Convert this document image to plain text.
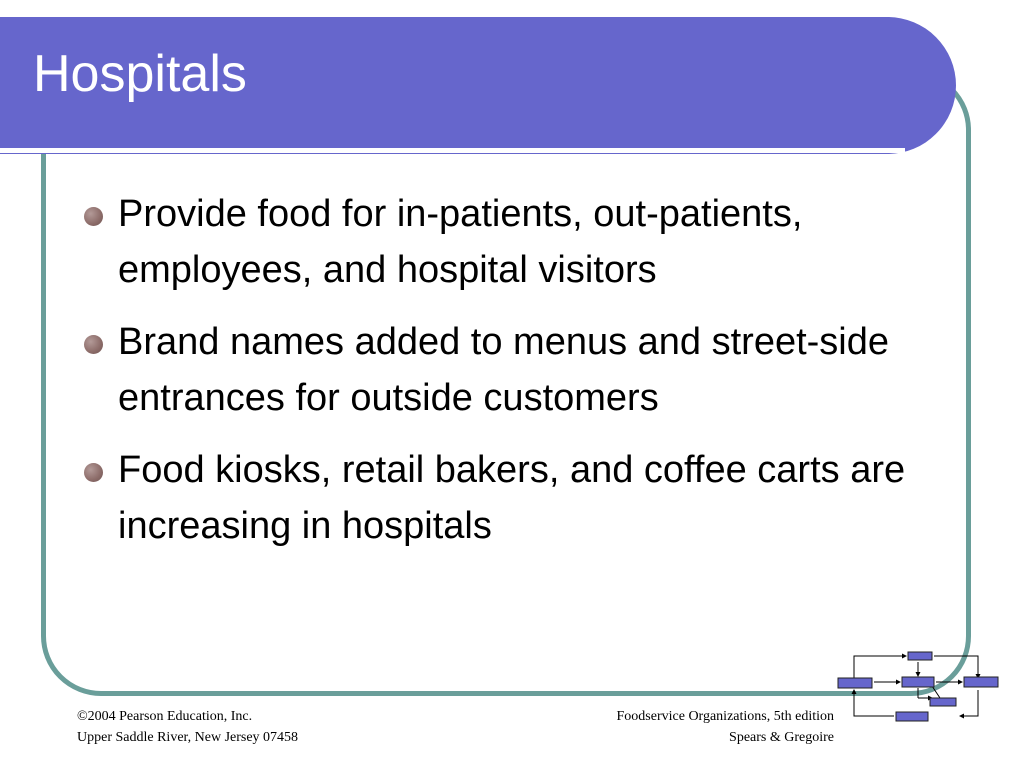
Hospitals
Provide food for in-patients, out-patients, employees, and hospital visitors
Brand names added to menus and street-side entrances for outside customers
Food kiosks, retail bakers, and coffee carts are increasing in hospitals
©2004 Pearson Education, Inc.
Upper Saddle River, New Jersey 07458
Foodservice Organizations, 5th edition
Spears & Gregoire
